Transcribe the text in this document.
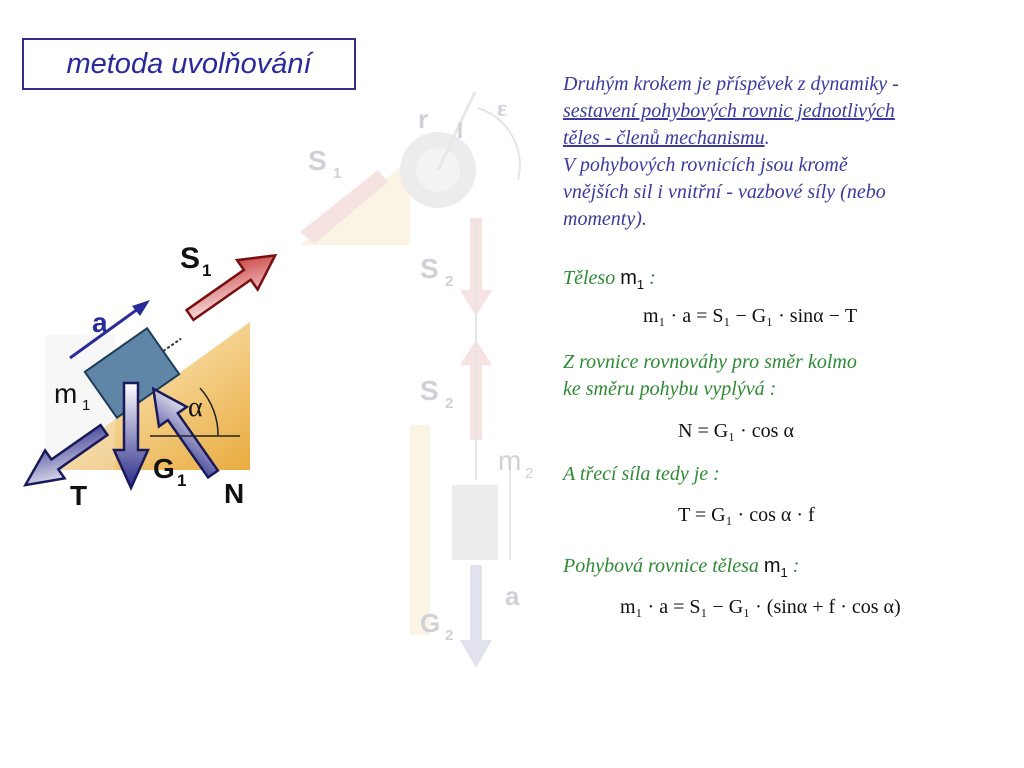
metoda uvolňování
r I
ε
S 1
S 2
S 2
m 2
a
G 2
S 1
a
m 1	α
G 1
T	N
Druhým krokem je příspěvek z dynamiky -
sestavení pohybových rovnic jednotlivých
těles - členů mechanismu.
V pohybových rovnicích jsou kromě
vnějších sil i vnitřní - vazbové síly (nebo
momenty).
Těleso $m_1$ :
m₁ · a = S₁ − G₁ · sinα − T
Z rovnice rovnováhy pro směr kolmo
ke směru pohybu vyplývá :
N = G₁ · cos α
A třecí síla tedy je :
T = G₁ · cos α · f
Pohybová rovnice tělesa $m_1$ :
m₁ · a = S₁ − G₁ · (sinα + f · cos α)
